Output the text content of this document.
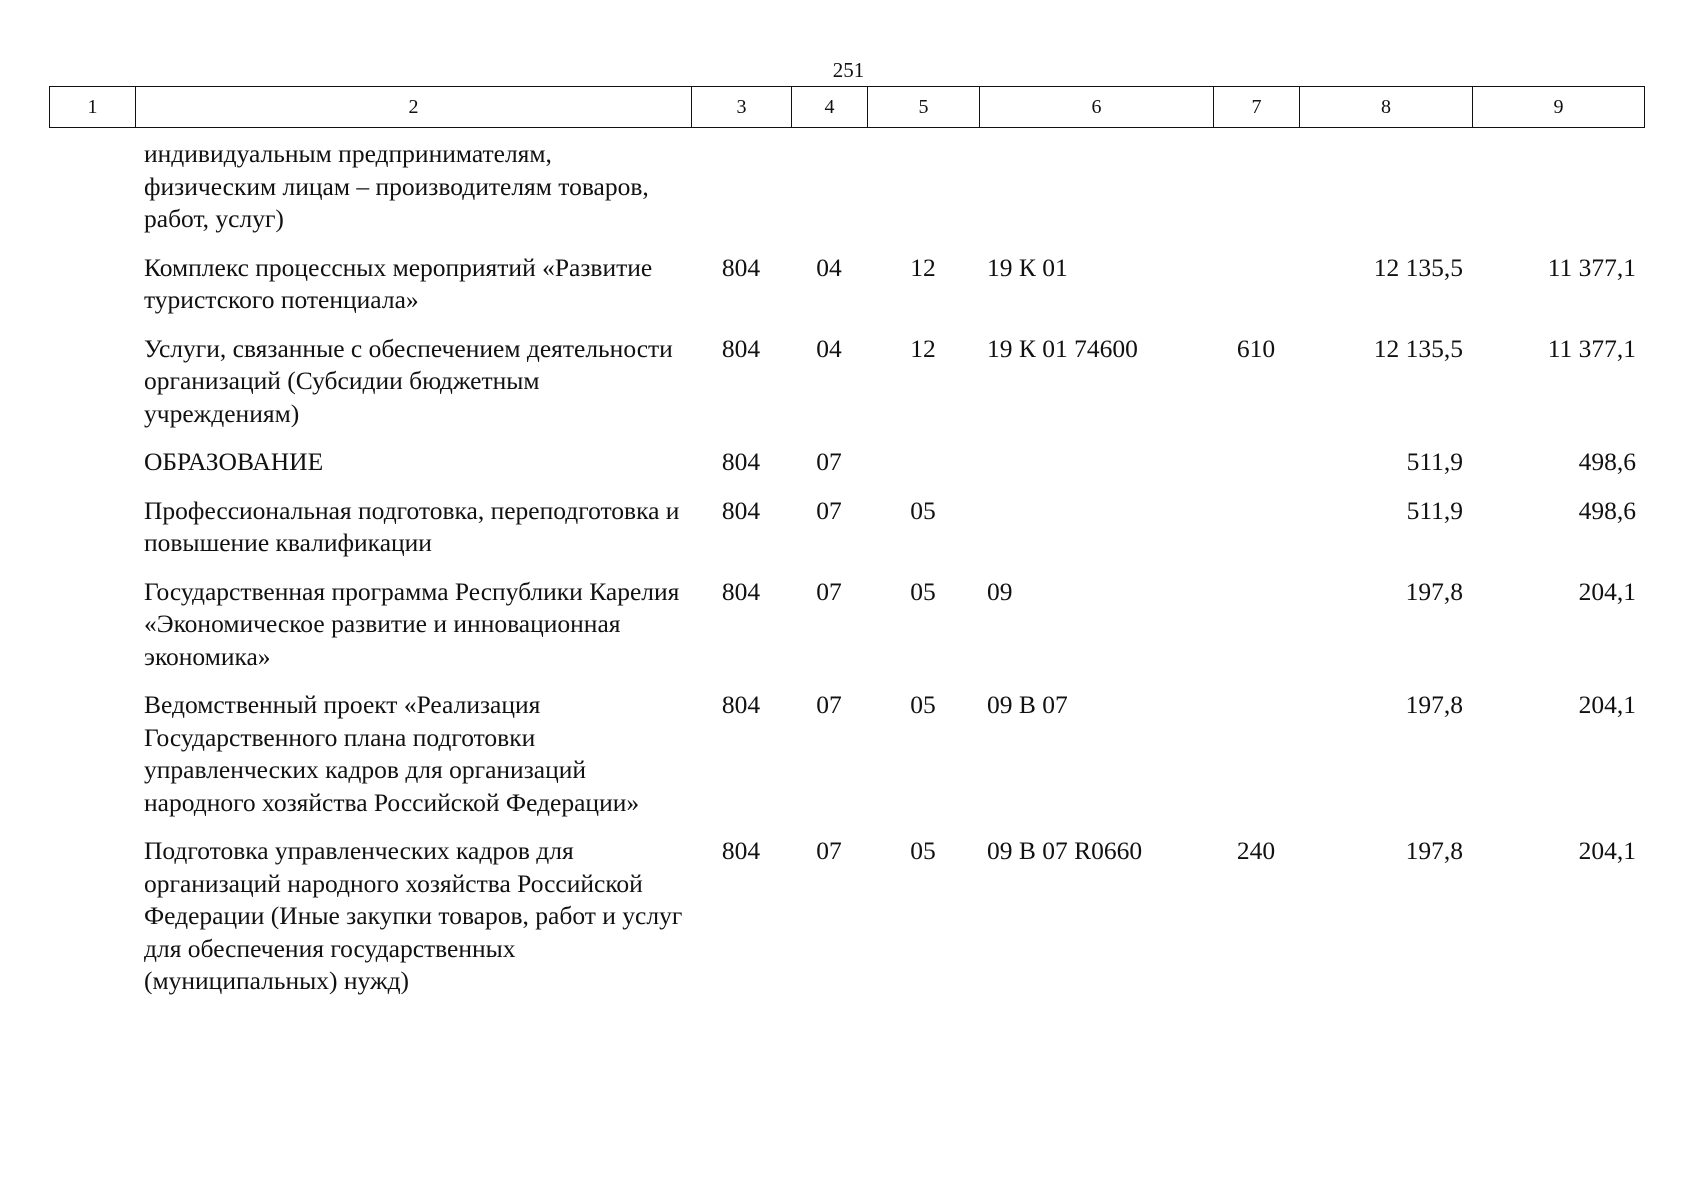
251
1	2	3	4	5	6	7	8	9
индивидуальным предпринимателям, физическим лицам – производителям товаров, работ, услуг)							
Комплекс процессных мероприятий «Развитие туристского потенциала»	804	04	12	19 К 01		12 135,5	11 377,1
Услуги, связанные с обеспечением деятельности организаций (Субсидии бюджетным учреждениям)	804	04	12	19 К 01 74600	610	12 135,5	11 377,1
ОБРАЗОВАНИЕ	804	07				511,9	498,6
Профессиональная подготовка, переподготовка и повышение квалификации	804	07	05			511,9	498,6
Государственная программа Республики Карелия «Экономическое развитие и инновационная экономика»	804	07	05	09		197,8	204,1
Ведомственный проект «Реализация Государственного плана подготовки управленческих кадров для организаций народного хозяйства Российской Федерации»	804	07	05	09 В 07		197,8	204,1
Подготовка управленческих кадров для организаций народного хозяйства Российской Федерации (Иные закупки товаров, работ и услуг для обеспечения государственных (муниципальных) нужд)	804	07	05	09 В 07 R0660	240	197,8	204,1
